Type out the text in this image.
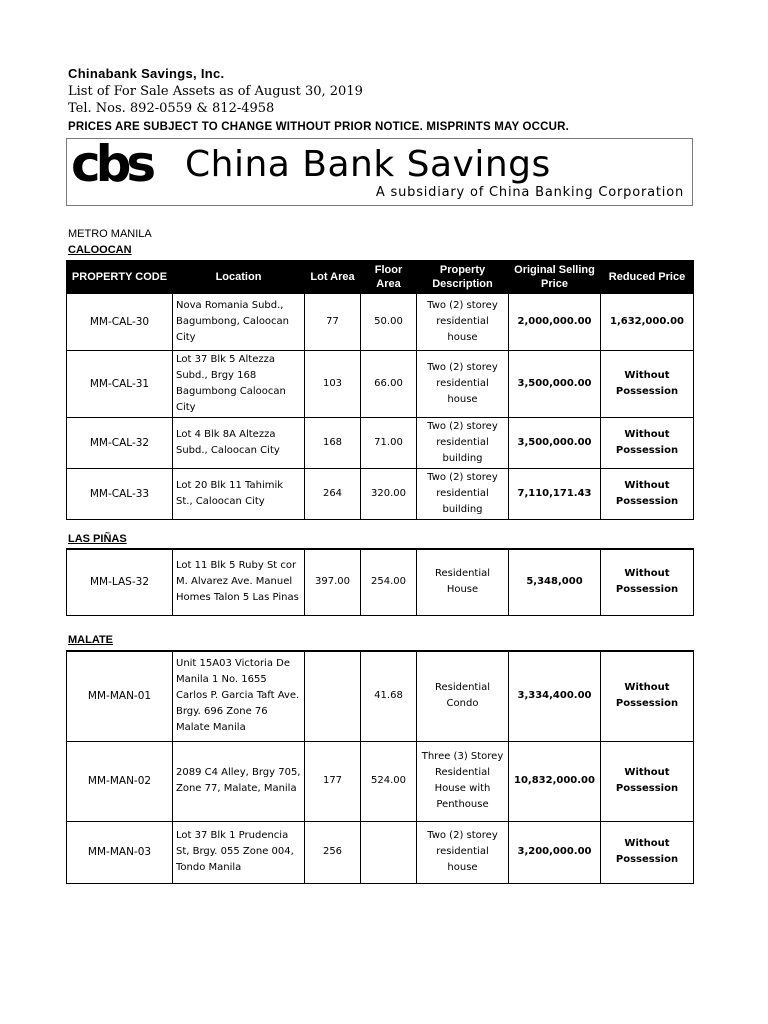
Chinabank Savings, Inc.
List of For Sale Assets as of August 30, 2019
Tel. Nos. 892-0559 & 812-4958
PRICES ARE SUBJECT TO CHANGE WITHOUT PRIOR NOTICE. MISPRINTS MAY OCCUR.
cbs China Bank Savings
A subsidiary of China Banking Corporation
METRO MANILA
CALOOCAN
PROPERTY CODE	Location	Lot Area	Floor Area	Property Description	Original Selling Price	Reduced Price
MM-CAL-30	Nova Romania Subd., Bagumbong, Caloocan City	77	50.00	Two (2) storey residential house	2,000,000.00	1,632,000.00
MM-CAL-31	Lot 37 Blk 5 Altezza Subd., Brgy 168 Bagumbong Caloocan City	103	66.00	Two (2) storey residential house	3,500,000.00	Without Possession
MM-CAL-32	Lot 4 Blk 8A Altezza Subd., Caloocan City	168	71.00	Two (2) storey residential building	3,500,000.00	Without Possession
MM-CAL-33	Lot 20 Blk 11 Tahimik St., Caloocan City	264	320.00	Two (2) storey residential building	7,110,171.43	Without Possession
LAS PIÑAS
MM-LAS-32	Lot 11 Blk 5 Ruby St cor M. Alvarez Ave. Manuel Homes Talon 5 Las Pinas	397.00	254.00	Residential House	5,348,000	Without Possession
MALATE
MM-MAN-01	Unit 15A03 Victoria De Manila 1 No. 1655 Carlos P. Garcia Taft Ave. Brgy. 696 Zone 76 Malate Manila		41.68	Residential Condo	3,334,400.00	Without Possession
MM-MAN-02	2089 C4 Alley, Brgy 705, Zone 77, Malate, Manila	177	524.00	Three (3) Storey Residential House with Penthouse	10,832,000.00	Without Possession
MM-MAN-03	Lot 37 Blk 1 Prudencia St, Brgy. 055 Zone 004, Tondo Manila	256		Two (2) storey residential house	3,200,000.00	Without Possession
